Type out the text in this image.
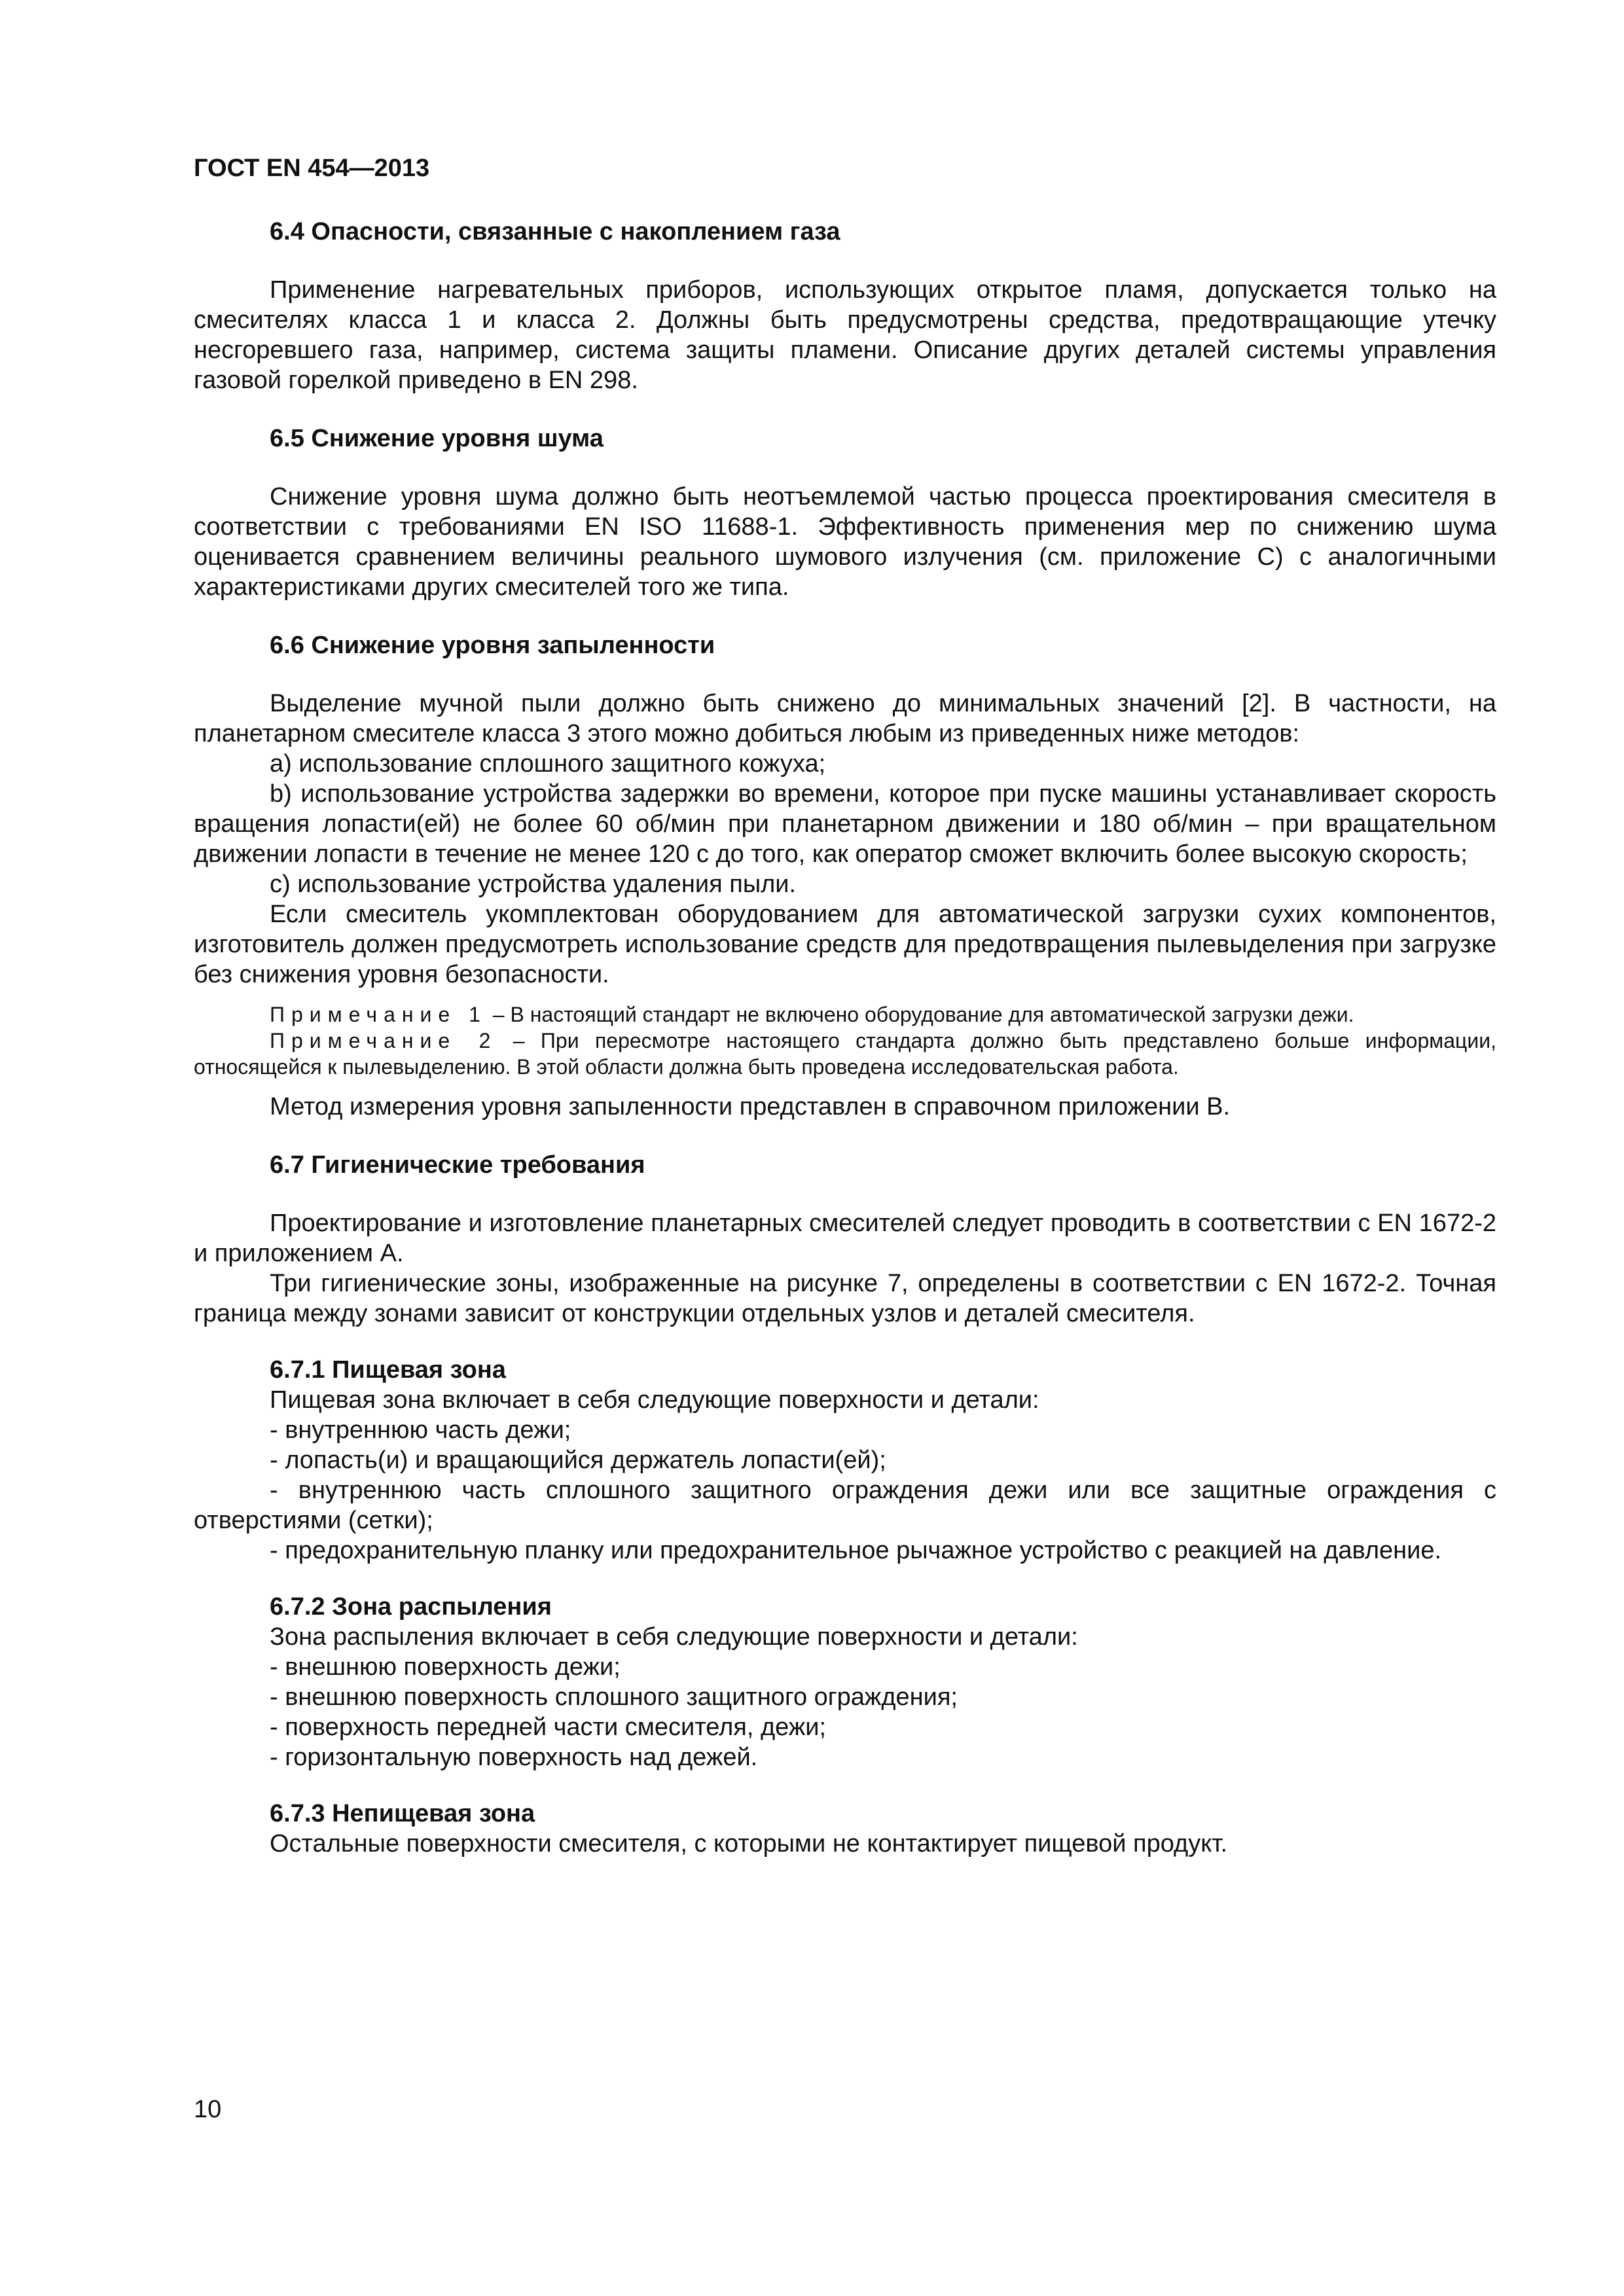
ГОСТ EN 454—2013
6.4 Опасности, связанные с накоплением газа

Применение нагревательных приборов, использующих открытое пламя, допускается только на смесителях класса 1 и класса 2. Должны быть предусмотрены средства, предотвращающие утечку несгоревшего газа, например, система защиты пламени. Описание других деталей системы управления газовой горелкой приведено в EN 298.

6.5 Снижение уровня шума

Снижение уровня шума должно быть неотъемлемой частью процесса проектирования смесителя в соответствии с требованиями EN ISO 11688-1. Эффективность применения мер по снижению шума оценивается сравнением величины реального шумового излучения (см. приложение С) с аналогичными характеристиками других смесителей того же типа.

6.6 Снижение уровня запыленности

Выделение мучной пыли должно быть снижено до минимальных значений [2]. В частности, на планетарном смесителе класса 3 этого можно добиться любым из приведенных ниже методов:

а) использование сплошного защитного кожуха;

b) использование устройства задержки во времени, которое при пуске машины устанавливает скорость вращения лопасти(ей) не более 60 об/мин при планетарном движении и 180 об/мин – при вращательном движении лопасти в течение не менее 120 с до того, как оператор сможет включить более высокую скорость;

с) использование устройства удаления пыли.

Если смеситель укомплектован оборудованием для автоматической загрузки сухих компонентов, изготовитель должен предусмотреть использование средств для предотвращения пылевыделения при загрузке без снижения уровня безопасности.

Примечание 1 – В настоящий стандарт не включено оборудование для автоматической загрузки дежи.

Примечание 2 – При пересмотре настоящего стандарта должно быть представлено больше информации, относящейся к пылевыделению. В этой области должна быть проведена исследовательская работа.

Метод измерения уровня запыленности представлен в справочном приложении В.

6.7 Гигиенические требования

Проектирование и изготовление планетарных смесителей следует проводить в соответствии с EN 1672-2 и приложением А.

Три гигиенические зоны, изображенные на рисунке 7, определены в соответствии с EN 1672-2. Точная граница между зонами зависит от конструкции отдельных узлов и деталей смесителя.

6.7.1 Пищевая зона

Пищевая зона включает в себя следующие поверхности и детали:

- внутреннюю часть дежи;

- лопасть(и) и вращающийся держатель лопасти(ей);

- внутреннюю часть сплошного защитного ограждения дежи или все защитные ограждения с отверстиями (сетки);

- предохранительную планку или предохранительное рычажное устройство с реакцией на давление.

6.7.2 Зона распыления

Зона распыления включает в себя следующие поверхности и детали:

- внешнюю поверхность дежи;

- внешнюю поверхность сплошного защитного ограждения;

- поверхность передней части смесителя, дежи;

- горизонтальную поверхность над дежей.

6.7.3 Непищевая зона

Остальные поверхности смесителя, с которыми не контактирует пищевой продукт.

10
